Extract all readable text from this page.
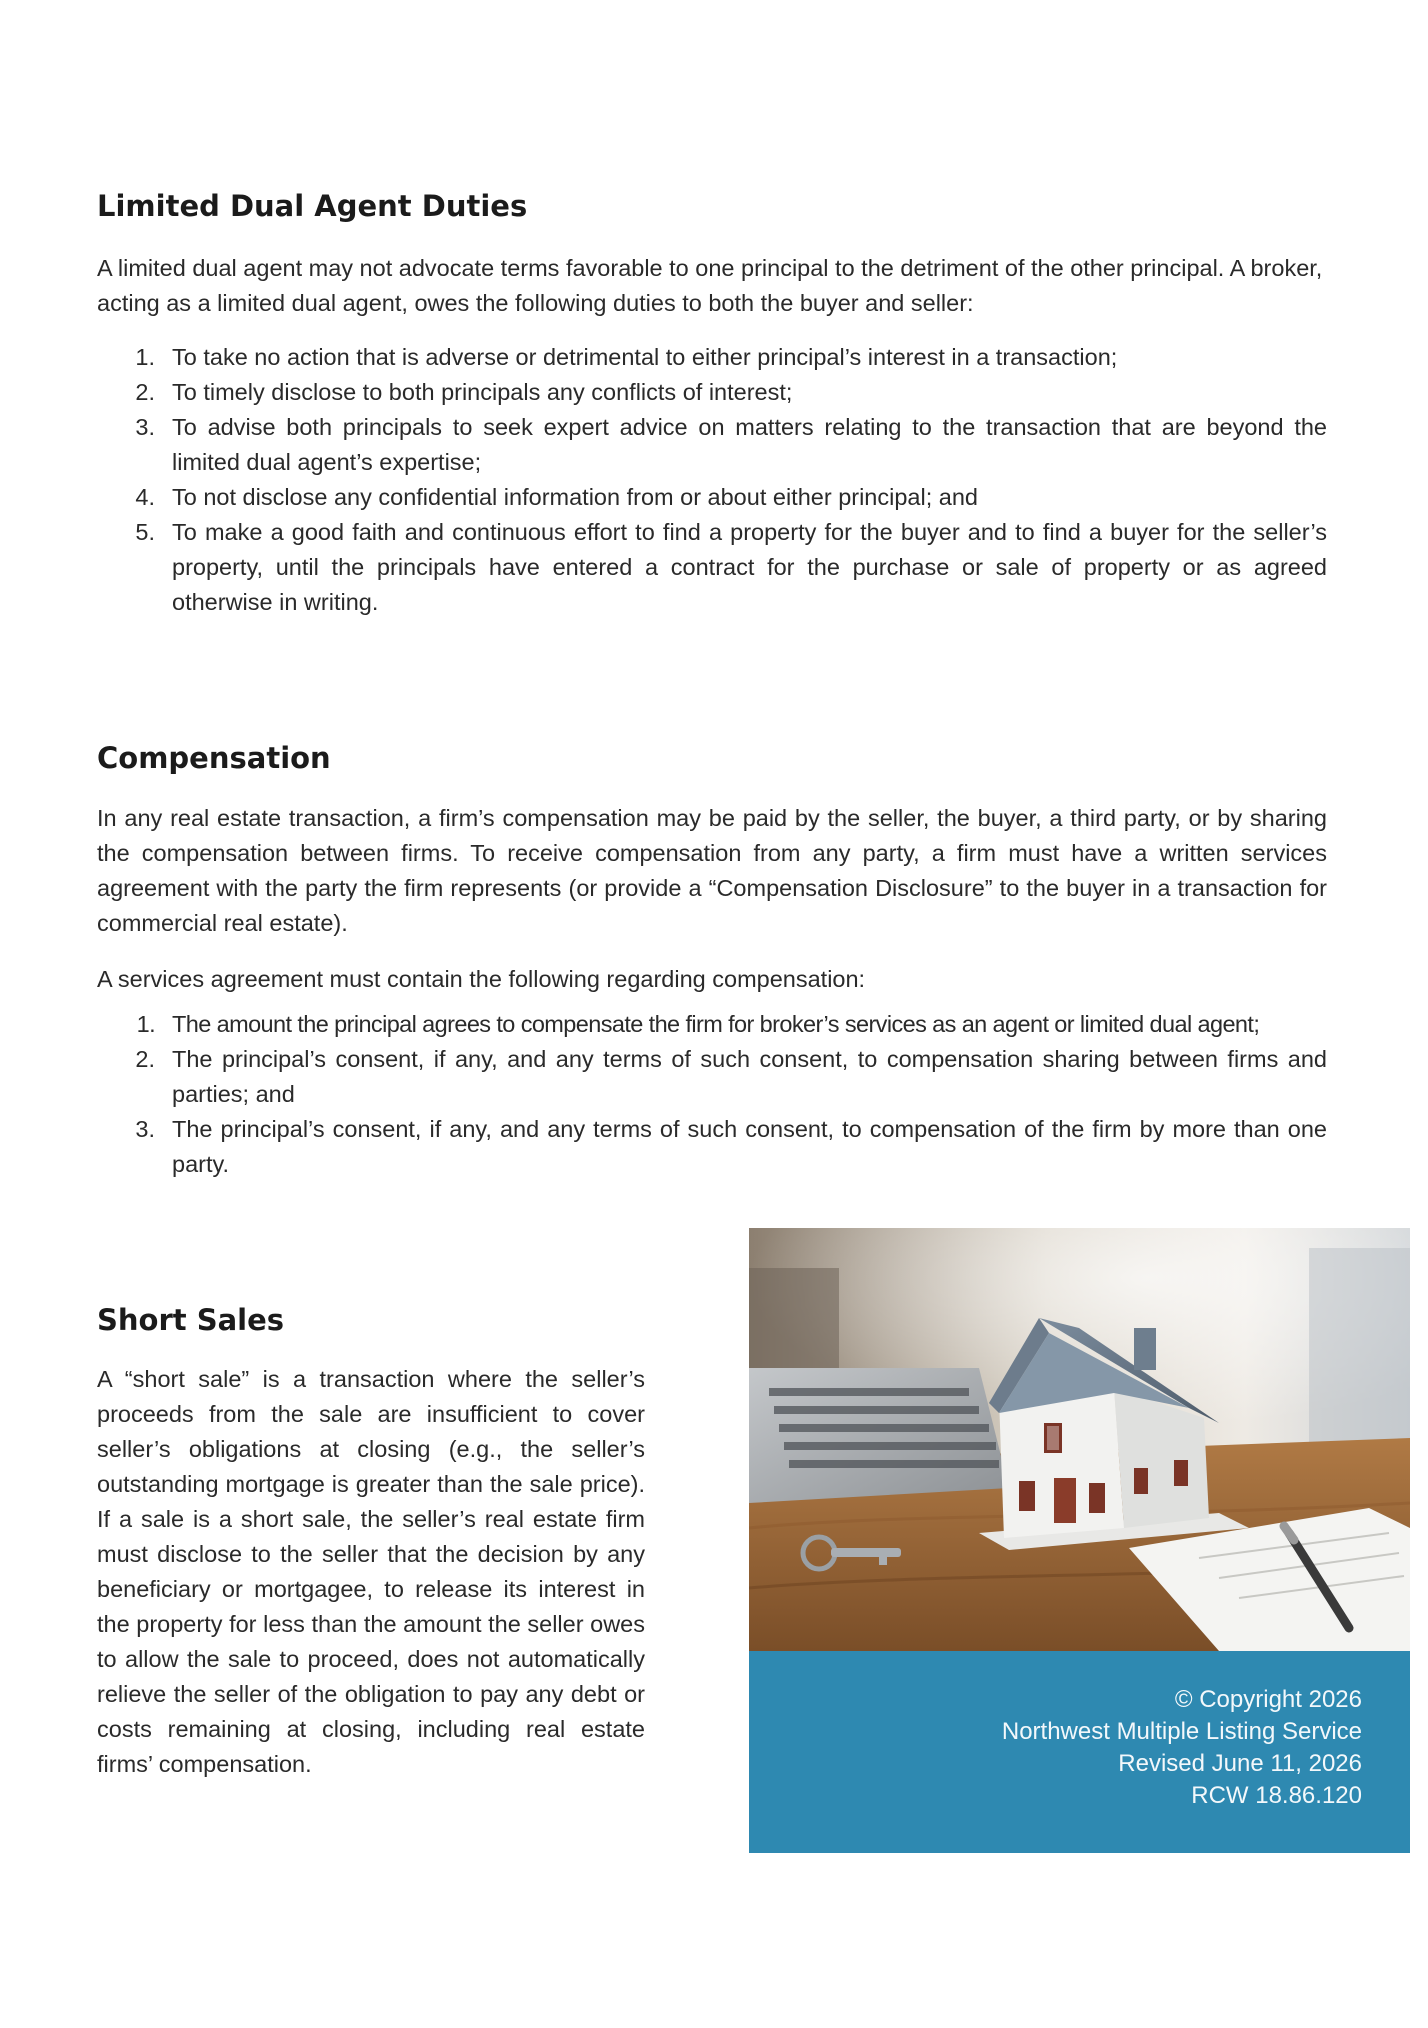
Limited Dual Agent Duties

A limited dual agent may not advocate terms favorable to one principal to the detriment of the other principal. A broker, acting as a limited dual agent, owes the following duties to both the buyer and seller:

1. To take no action that is adverse or detrimental to either principal’s interest in a transaction;
2. To timely disclose to both principals any conflicts of interest;
3. To advise both principals to seek expert advice on matters relating to the transaction that are beyond the limited dual agent’s expertise;
4. To not disclose any confidential information from or about either principal; and
5. To make a good faith and continuous effort to find a property for the buyer and to find a buyer for the seller’s property, until the principals have entered a contract for the purchase or sale of property or as agreed otherwise in writing.
Compensation

In any real estate transaction, a firm’s compensation may be paid by the seller, the buyer, a third party, or by sharing the compensation between firms. To receive compensation from any party, a firm must have a written services agreement with the party the firm represents (or provide a “Compensation Disclosure” to the buyer in a transaction for commercial real estate).

A services agreement must contain the following regarding compensation:

1. The amount the principal agrees to compensate the firm for broker’s services as an agent or limited dual agent;
2. The principal’s consent, if any, and any terms of such consent, to compensation sharing between firms and parties; and
3. The principal’s consent, if any, and any terms of such consent, to compensation of the firm by more than one party.
Short Sales

A “short sale” is a transaction where the seller’s proceeds from the sale are insufficient to cover seller’s obligations at closing (e.g., the seller’s outstanding mortgage is greater than the sale price). If a sale is a short sale, the seller’s real estate firm must disclose to the seller that the decision by any beneficiary or mortgagee, to release its interest in the property for less than the amount the seller owes to allow the sale to proceed, does not automatically relieve the seller of the obligation to pay any debt or costs remaining at closing, including real estate firms’ compensation.

© Copyright 2026
Northwest Multiple Listing Service
Revised June 11, 2026
RCW 18.86.120
